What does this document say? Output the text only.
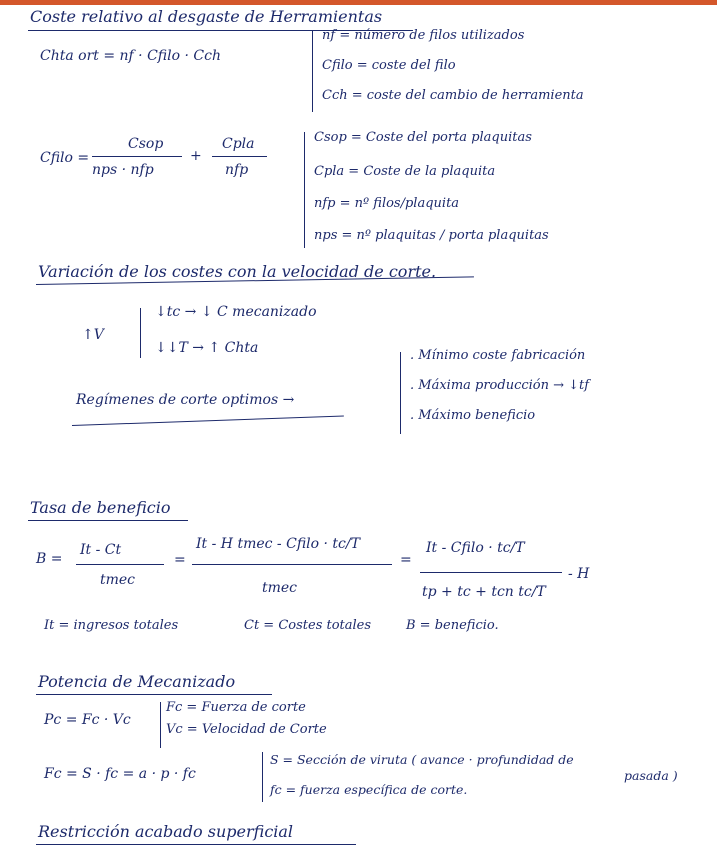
Coste relativo al desgaste de Herramientas
Chta ort = nf · Cfilo · Cch
nf = número de filos utilizados
Cfilo = coste del filo
Cch = coste del cambio de herramienta
Cfilo =
Csop
nps · nfp
+
Cpla
nfp
Csop = Coste del porta plaquitas
Cpla = Coste de la plaquita
nfp = nº filos/plaquita
nps = nº plaquitas / porta plaquitas
Variación de los costes con la velocidad de corte.
↑V
↓tc → ↓ C mecanizado
↓↓T → ↑ Chta
Regímenes de corte optimos →
. Mínimo coste fabricación
. Máxima producción → ↓tf
. Máximo beneficio
Tasa de beneficio
B =
It - Ct
tmec
=
It - H tmec - Cfilo · tc/T
tmec
=
It - Cfilo · tc/T
tp + tc + tcn tc/T
- H
It = ingresos totales	Ct = Costes totales	B = beneficio.
Potencia de Mecanizado
Pc = Fc · Vc
Fc = Fuerza de corte
Vc = Velocidad de Corte
Fc = S · fc = a · p · fc
S = Sección de viruta ( avance · profundidad de
pasada )
fc = fuerza específica de corte.
Restricción acabado superficial
